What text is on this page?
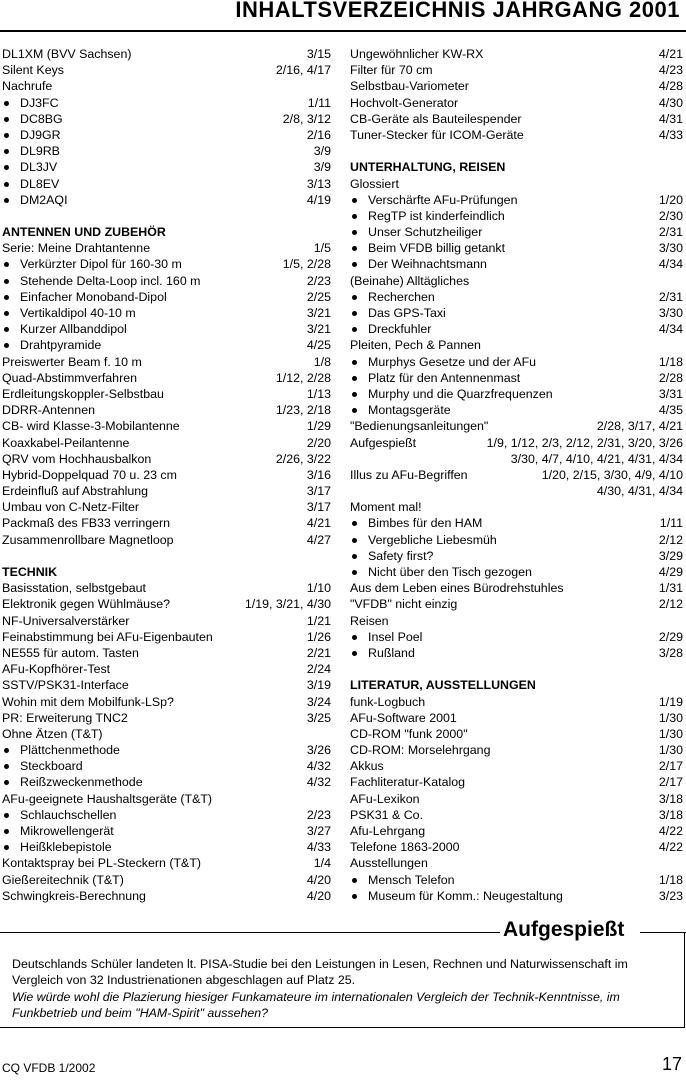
INHALTSVERZEICHNIS JAHRGANG 2001
DL1XM (BVV Sachsen)	3/15
Silent Keys	2/16, 4/17
Nachrufe
DJ3FC	1/11
DC8BG	2/8, 3/12
DJ9GR	2/16
DL9RB	3/9
DL3JV	3/9
DL8EV	3/13
DM2AQI	4/19
ANTENNEN UND ZUBEHÖR
Serie: Meine Drahtantenne	1/5
Verkürzter Dipol für 160-30 m	1/5, 2/28
Stehende Delta-Loop incl. 160 m	2/23
Einfacher Monoband-Dipol	2/25
Vertikaldipol 40-10 m	3/21
Kurzer Allbanddipol	3/21
Drahtpyramide	4/25
Preiswerter Beam f. 10 m	1/8
Quad-Abstimmverfahren	1/12, 2/28
Erdleitungskoppler-Selbstbau	1/13
DDRR-Antennen	1/23, 2/18
CB- wird Klasse-3-Mobilantenne	1/29
Koaxkabel-Peilantenne	2/20
QRV vom Hochhausbalkon	2/26, 3/22
Hybrid-Doppelquad 70 u. 23 cm	3/16
Erdeinfluß auf Abstrahlung	3/17
Umbau von C-Netz-Filter	3/17
Packmaß des FB33 verringern	4/21
Zusammenrollbare Magnetloop	4/27
TECHNIK
Basisstation, selbstgebaut	1/10
Elektronik gegen Wühlmäuse?	1/19, 3/21, 4/30
NF-Universalverstärker	1/21
Feinabstimmung bei AFu-Eigenbauten	1/26
NE555 für autom. Tasten	2/21
AFu-Kopfhörer-Test	2/24
SSTV/PSK31-Interface	3/19
Wohin mit dem Mobilfunk-LSp?	3/24
PR: Erweiterung TNC2	3/25
Ohne Ätzen (T&T)
Plättchenmethode	3/26
Steckboard	4/32
Reißzweckenmethode	4/32
AFu-geeignete Haushaltsgeräte (T&T)
Schlauchschellen	2/23
Mikrowellengerät	3/27
Heißklebepistole	4/33
Kontaktspray bei PL-Steckern (T&T)	1/4
Gießereitechnik (T&T)	4/20
Schwingkreis-Berechnung	4/20
Ungewöhnlicher KW-RX	4/21
Filter für 70 cm	4/23
Selbstbau-Variometer	4/28
Hochvolt-Generator	4/30
CB-Geräte als Bauteilespender	4/31
Tuner-Stecker für ICOM-Geräte	4/33
UNTERHALTUNG, REISEN
Glossiert
Verschärfte AFu-Prüfungen	1/20
RegTP ist kinderfeindlich	2/30
Unser Schutzheiliger	2/31
Beim VFDB billig getankt	3/30
Der Weihnachtsmann	4/34
(Beinahe) Alltägliches
Recherchen	2/31
Das GPS-Taxi	3/30
Dreckfuhler	4/34
Pleiten, Pech & Pannen
Murphys Gesetze und der AFu	1/18
Platz für den Antennenmast	2/28
Murphy und die Quarzfrequenzen	3/31
Montagsgeräte	4/35
"Bedienungsanleitungen"	2/28, 3/17, 4/21
Aufgespießt	1/9, 1/12, 2/3, 2/12, 2/31, 3/20, 3/26
3/30, 4/7, 4/10, 4/21, 4/31, 4/34
Illus zu AFu-Begriffen	1/20, 2/15, 3/30, 4/9, 4/10
4/30, 4/31, 4/34
Moment mal!
Bimbes für den HAM	1/11
Vergebliche Liebesmüh	2/12
Safety first?	3/29
Nicht über den Tisch gezogen	4/29
Aus dem Leben eines Bürodrehstuhles	1/31
"VFDB" nicht einzig	2/12
Reisen
Insel Poel	2/29
Rußland	3/28
LITERATUR, AUSSTELLUNGEN
funk-Logbuch	1/19
AFu-Software 2001	1/30
CD-ROM "funk 2000"	1/30
CD-ROM: Morselehrgang	1/30
Akkus	2/17
Fachliteratur-Katalog	2/17
AFu-Lexikon	3/18
PSK31 & Co.	3/18
Afu-Lehrgang	4/22
Telefone 1863-2000	4/22
Ausstellungen
Mensch Telefon	1/18
Museum für Komm.: Neugestaltung	3/23
Aufgespießt
Deutschlands Schüler landeten lt. PISA-Studie bei den Leistungen in Lesen, Rechnen und Naturwissenschaft im Vergleich von 32 Industrienationen abgeschlagen auf Platz 25.
Wie würde wohl die Plazierung hiesiger Funkamateure im internationalen Vergleich der Technik-Kenntnisse, im Funkbetrieb und beim "HAM-Spirit" aussehen?
CQ VFDB 1/2002	17
